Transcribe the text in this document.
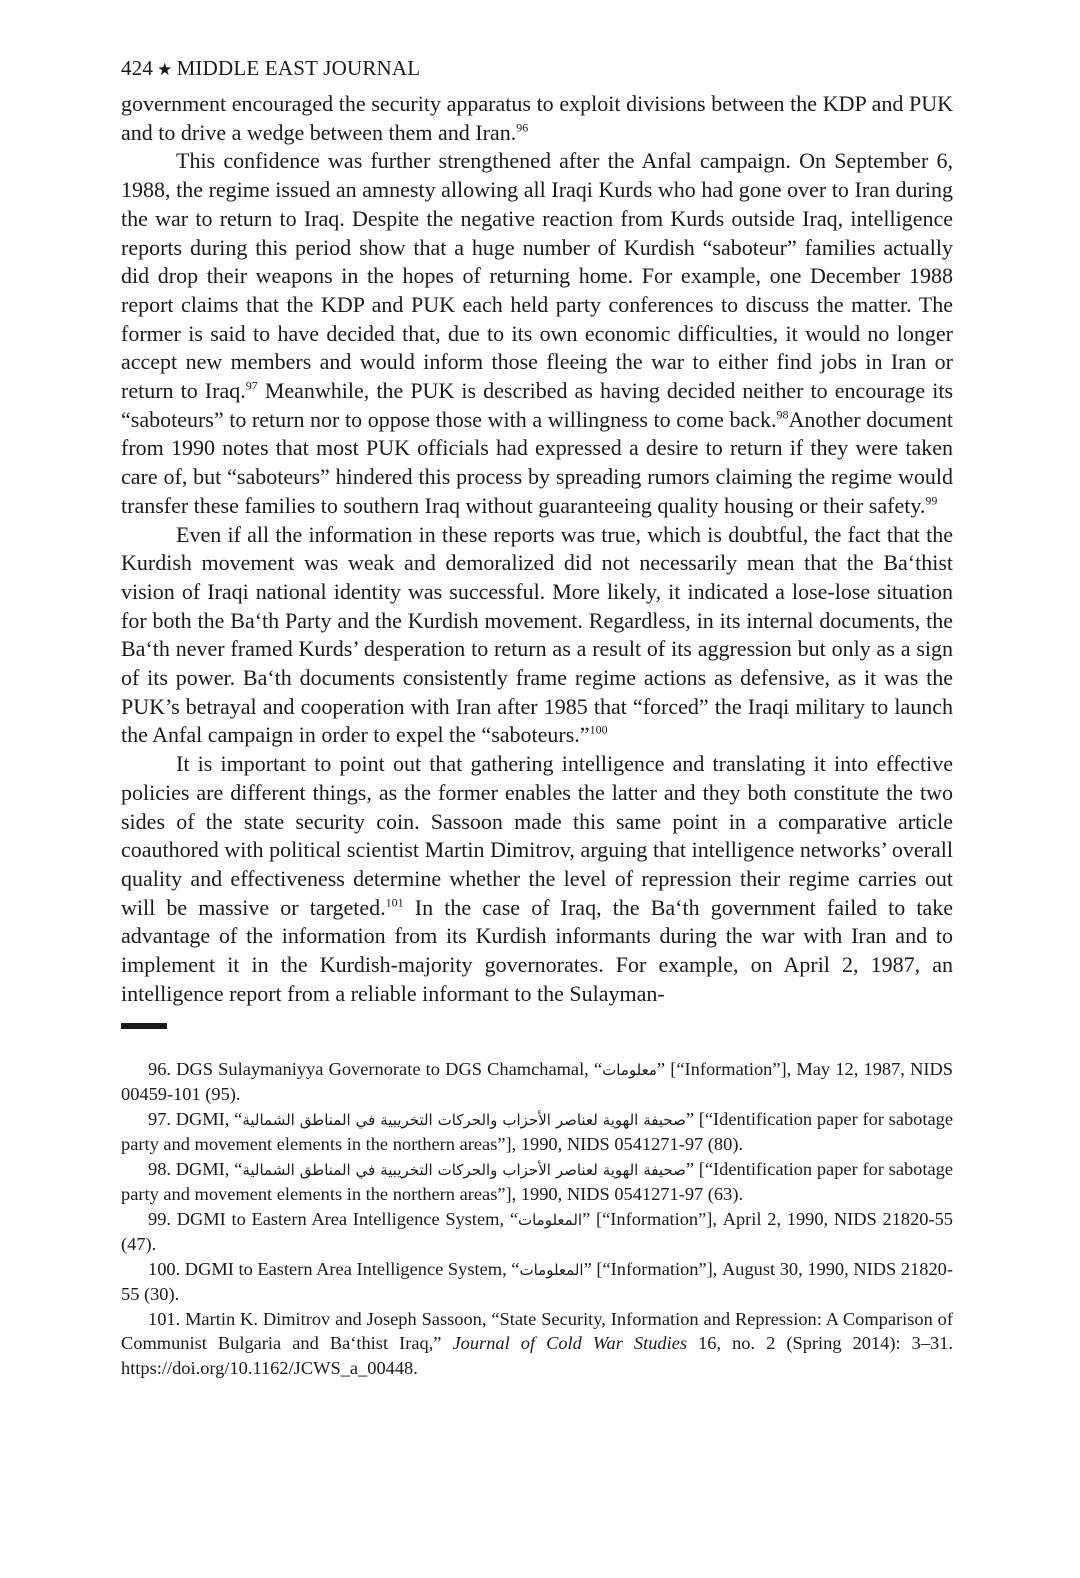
424 ★ MIDDLE EAST JOURNAL

government encouraged the security apparatus to exploit divisions between the KDP and PUK and to drive a wedge between them and Iran.$^{96}$

This confidence was further strengthened after the Anfal campaign. On September 6, 1988, the regime issued an amnesty allowing all Iraqi Kurds who had gone over to Iran during the war to return to Iraq. Despite the negative reaction from Kurds outside Iraq, intelligence reports during this period show that a huge number of Kurdish “saboteur” families actually did drop their weapons in the hopes of returning home. For example, one December 1988 report claims that the KDP and PUK each held party conferences to discuss the matter. The former is said to have decided that, due to its own economic difficulties, it would no longer accept new members and would inform those fleeing the war to either find jobs in Iran or return to Iraq.$^{97}$ Meanwhile, the PUK is described as having decided neither to encourage its “saboteurs” to return nor to oppose those with a willingness to come back.$^{98}$Another document from 1990 notes that most PUK officials had expressed a desire to return if they were taken care of, but “saboteurs” hindered this process by spreading rumors claiming the regime would transfer these families to southern Iraq without guaranteeing quality housing or their safety.$^{99}$

Even if all the information in these reports was true, which is doubtful, the fact that the Kurdish movement was weak and demoralized did not necessarily mean that the Ba‘thist vision of Iraqi national identity was successful. More likely, it indicated a lose-lose situation for both the Ba‘th Party and the Kurdish movement. Regardless, in its internal documents, the Ba‘th never framed Kurds’ desperation to return as a result of its aggression but only as a sign of its power. Ba‘th documents consistently frame regime actions as defensive, as it was the PUK’s betrayal and cooperation with Iran after 1985 that “forced” the Iraqi military to launch the Anfal campaign in order to expel the “saboteurs.”$^{100}$

It is important to point out that gathering intelligence and translating it into effective policies are different things, as the former enables the latter and they both constitute the two sides of the state security coin. Sassoon made this same point in a comparative article coauthored with political scientist Martin Dimitrov, arguing that intelligence networks’ overall quality and effectiveness determine whether the level of repression their regime carries out will be massive or targeted.$^{101}$ In the case of Iraq, the Ba‘th government failed to take advantage of the information from its Kurdish informants during the war with Iran and to implement it in the Kurdish-majority governorates. For example, on April 2, 1987, an intelligence report from a reliable informant to the Sulayman-

96. DGS Sulaymaniyya Governorate to DGS Chamchamal, “معلومات” [“Information”], May 12, 1987, NIDS 00459-101 (95).

97. DGMI, “صحيفة الهوية لعناصر الأحزاب والحركات التخريبية في المناطق الشمالية” [“Identification paper for sabotage party and movement elements in the northern areas”], 1990, NIDS 0541271-97 (80).

98. DGMI, “صحيفة الهوية لعناصر الأحزاب والحركات التخريبية في المناطق الشمالية” [“Identification paper for sabotage party and movement elements in the northern areas”], 1990, NIDS 0541271-97 (63).

99. DGMI to Eastern Area Intelligence System, “المعلومات” [“Information”], April 2, 1990, NIDS 21820-55 (47).

100. DGMI to Eastern Area Intelligence System, “المعلومات” [“Information”], August 30, 1990, NIDS 21820-55 (30).

101. Martin K. Dimitrov and Joseph Sassoon, “State Security, Information and Repression: A Comparison of Communist Bulgaria and Ba‘thist Iraq,” Journal of Cold War Studies 16, no. 2 (Spring 2014): 3–31. https://doi.org/10.1162/JCWS_a_00448.
